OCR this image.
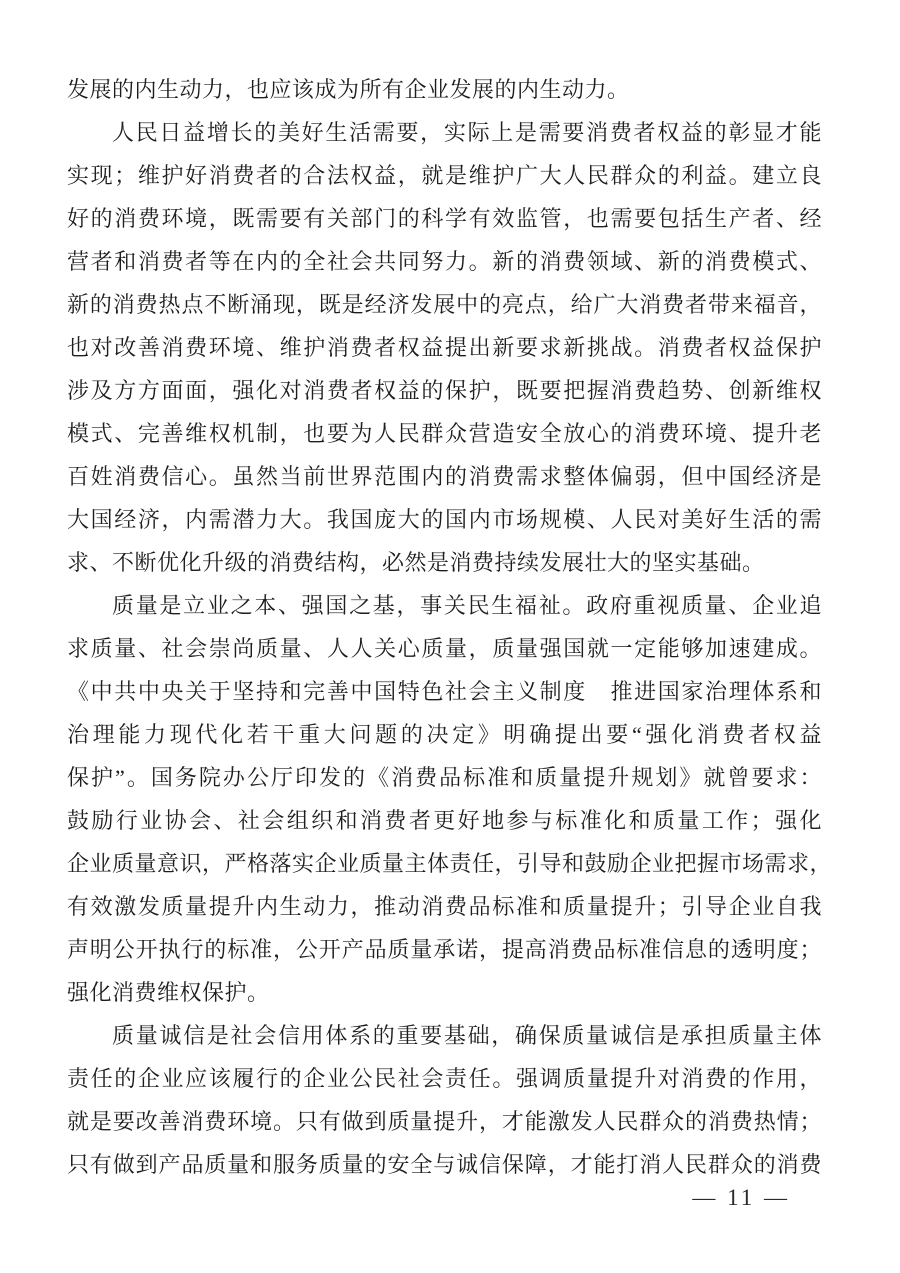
发展的内生动力，也应该成为所有企业发展的内生动力。
人民日益增长的美好生活需要，实际上是需要消费者权益的彰显才能
实现；维护好消费者的合法权益，就是维护广大人民群众的利益。建立良
好的消费环境，既需要有关部门的科学有效监管，也需要包括生产者、经
营者和消费者等在内的全社会共同努力。新的消费领域、新的消费模式、
新的消费热点不断涌现，既是经济发展中的亮点，给广大消费者带来福音，
也对改善消费环境、维护消费者权益提出新要求新挑战。消费者权益保护
涉及方方面面，强化对消费者权益的保护，既要把握消费趋势、创新维权
模式、完善维权机制，也要为人民群众营造安全放心的消费环境、提升老
百姓消费信心。虽然当前世界范围内的消费需求整体偏弱，但中国经济是
大国经济，内需潜力大。我国庞大的国内市场规模、人民对美好生活的需
求、不断优化升级的消费结构，必然是消费持续发展壮大的坚实基础。
质量是立业之本、强国之基，事关民生福祉。政府重视质量、企业追
求质量、社会崇尚质量、人人关心质量，质量强国就一定能够加速建成。
《中共中央关于坚持和完善中国特色社会主义制度　推进国家治理体系和
治理能力现代化若干重大问题的决定》明确提出要“强化消费者权益
保护”。国务院办公厅印发的《消费品标准和质量提升规划》就曾要求：
鼓励行业协会、社会组织和消费者更好地参与标准化和质量工作；强化
企业质量意识，严格落实企业质量主体责任，引导和鼓励企业把握市场需求，
有效激发质量提升内生动力，推动消费品标准和质量提升；引导企业自我
声明公开执行的标准，公开产品质量承诺，提高消费品标准信息的透明度；
强化消费维权保护。
质量诚信是社会信用体系的重要基础，确保质量诚信是承担质量主体
责任的企业应该履行的企业公民社会责任。强调质量提升对消费的作用，
就是要改善消费环境。只有做到质量提升，才能激发人民群众的消费热情；
只有做到产品质量和服务质量的安全与诚信保障，才能打消人民群众的消费
— 11 —
